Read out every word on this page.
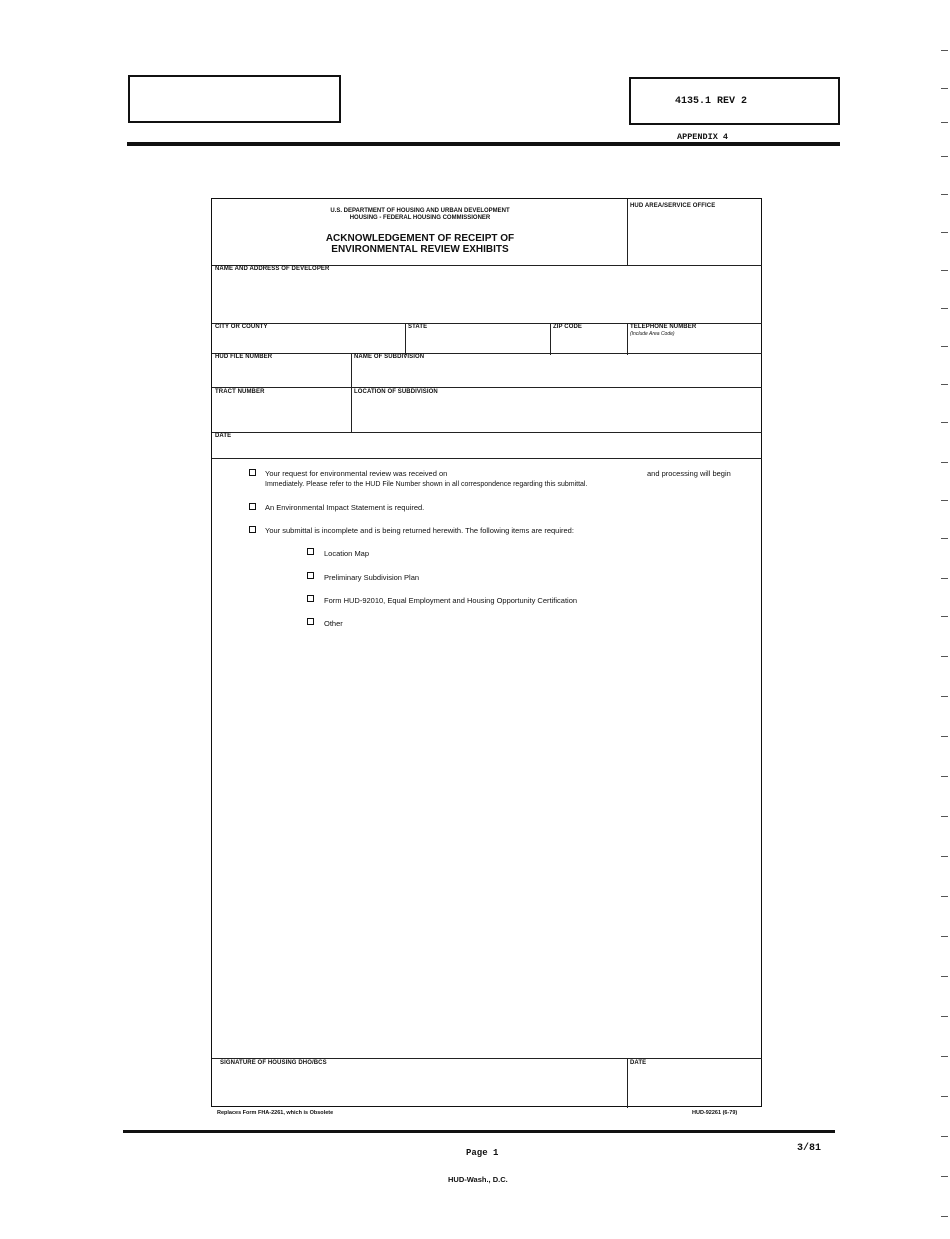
4135.1 REV 2
APPENDIX 4
U.S. DEPARTMENT OF HOUSING AND URBAN DEVELOPMENT
HOUSING - FEDERAL HOUSING COMMISSIONER
ACKNOWLEDGEMENT OF RECEIPT OF
ENVIRONMENTAL REVIEW EXHIBITS
HUD AREA/SERVICE OFFICE
NAME AND ADDRESS OF DEVELOPER
CITY OR COUNTY	STATE	ZIP CODE	TELEPHONE NUMBER
(Include Area Code)
HUD FILE NUMBER	NAME OF SUBDIVISION
TRACT NUMBER	LOCATION OF SUBDIVISION
DATE
Your request for environmental review was received on	and processing will begin
Immediately. Please refer to the HUD File Number shown in all correspondence regarding this submittal.
An Environmental Impact Statement is required.
Your submittal is incomplete and is being returned herewith. The following items are required:
Location Map
Preliminary Subdivision Plan
Form HUD-92010, Equal Employment and Housing Opportunity Certification
Other
SIGNATURE OF HOUSING DHO/BCS	DATE
Replaces Form FHA-2261, which is Obsolete	HUD-92261 (6-79)
Page 1	3/81
HUD-Wash., D.C.
